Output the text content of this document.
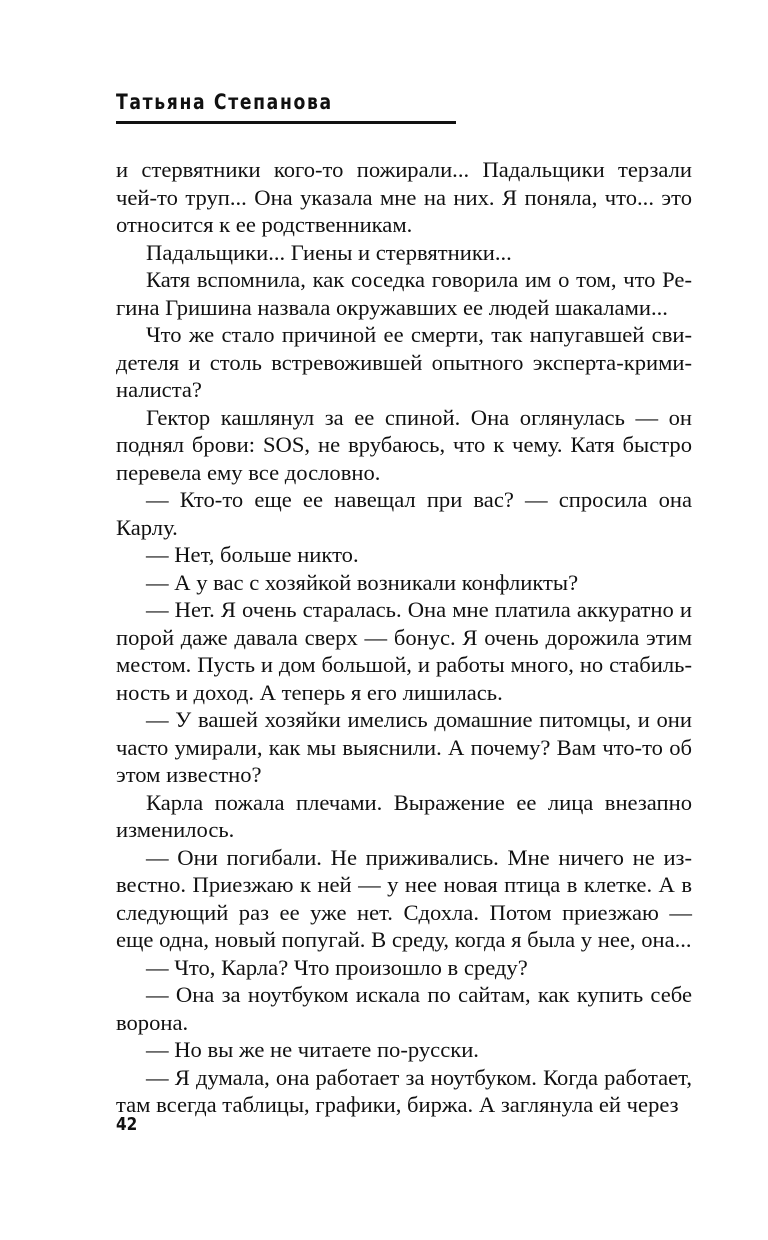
Татьяна Степанова

и стервятники кого-то пожирали... Падальщики терзали чей-то труп... Она указала мне на них. Я поняла, что... это относится к ее родственникам.

Падальщики... Гиены и стервятники...

Катя вспомнила, как соседка говорила им о том, что Регина Гришина назвала окружавших ее людей шакалами...

Что же стало причиной ее смерти, так напугавшей свидетеля и столь встревожившей опытного эксперта-криминалиста?

Гектор кашлянул за ее спиной. Она оглянулась — он поднял брови: SOS, не врубаюсь, что к чему. Катя быстро перевела ему все дословно.

— Кто-то еще ее навещал при вас? — спросила она Карлу.

— Нет, больше никто.

— А у вас с хозяйкой возникали конфликты?

— Нет. Я очень старалась. Она мне платила аккуратно и порой даже давала сверх — бонус. Я очень дорожила этим местом. Пусть и дом большой, и работы много, но стабильность и доход. А теперь я его лишилась.

— У вашей хозяйки имелись домашние питомцы, и они часто умирали, как мы выяснили. А почему? Вам что-то об этом известно?

Карла пожала плечами. Выражение ее лица внезапно изменилось.

— Они погибали. Не приживались. Мне ничего не известно. Приезжаю к ней — у нее новая птица в клетке. А в следующий раз ее уже нет. Сдохла. Потом приезжаю — еще одна, новый попугай. В среду, когда я была у нее, она...

— Что, Карла? Что произошло в среду?

— Она за ноутбуком искала по сайтам, как купить себе ворона.

— Но вы же не читаете по-русски.

— Я думала, она работает за ноутбуком. Когда работает, там всегда таблицы, графики, биржа. А заглянула ей через

42
